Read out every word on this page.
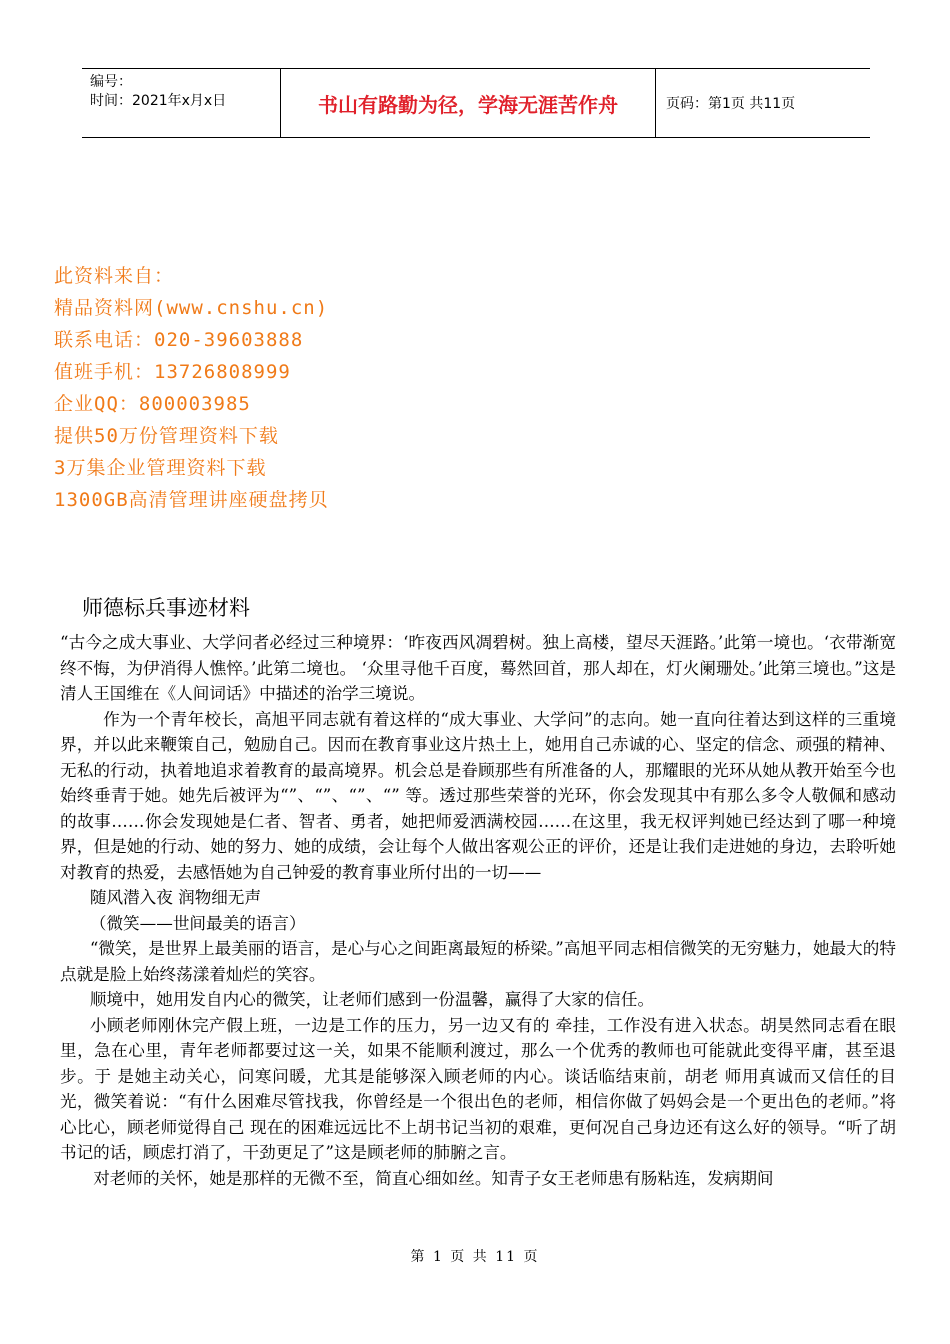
编号：
时间：2021年x月x日	书山有路勤为径，学海无涯苦作舟	页码：第1页 共11页
此资料来自：
精品资料网(www.cnshu.cn)
联系电话：020-39603888
值班手机：13726808999
企业QQ：800003985
提供50万份管理资料下载
3万集企业管理资料下载
1300GB高清管理讲座硬盘拷贝
师德标兵事迹材料

“古今之成大事业、大学问者必经过三种境界：‘昨夜西风凋碧树。独上高楼，望尽天涯路。’此第一境也。‘衣带渐宽终不悔，为伊消得人憔悴。’此第二境也。 ‘众里寻他千百度，蓦然回首，那人却在，灯火阑珊处。’此第三境也。”这是清人王国维在《人间词话》中描述的治学三境说。

作为一个青年校长，高旭平同志就有着这样的“成大事业、大学问”的志向。她一直向往着达到这样的三重境界，并以此来鞭策自己，勉励自己。因而在教育事业这片热土上，她用自己赤诚的心、坚定的信念、顽强的精神、无私的行动，执着地追求着教育的最高境界。机会总是眷顾那些有所准备的人，那耀眼的光环从她从教开始至今也始终垂青于她。她先后被评为“”、“”、“”、“” 等。透过那些荣誉的光环，你会发现其中有那么多令人敬佩和感动的故事……你会发现她是仁者、智者、勇者，她把师爱洒满校园……在这里，我无权评判她已经达到了哪一种境界，但是她的行动、她的努力、她的成绩，会让每个人做出客观公正的评价，还是让我们走进她的身边，去聆听她对教育的热爱，去感悟她为自己钟爱的教育事业所付出的一切——

随风潜入夜 润物细无声

（微笑——世间最美的语言）

“微笑，是世界上最美丽的语言，是心与心之间距离最短的桥梁。”高旭平同志相信微笑的无穷魅力，她最大的特点就是脸上始终荡漾着灿烂的笑容。

顺境中，她用发自内心的微笑，让老师们感到一份温馨，赢得了大家的信任。

小顾老师刚休完产假上班，一边是工作的压力，另一边又有的 牵挂，工作没有进入状态。胡昊然同志看在眼里，急在心里，青年老师都要过这一关，如果不能顺利渡过，那么一个优秀的教师也可能就此变得平庸，甚至退步。于 是她主动关心，问寒问暖，尤其是能够深入顾老师的内心。谈话临结束前，胡老 师用真诚而又信任的目光，微笑着说：“有什么困难尽管找我，你曾经是一个很出色的老师，相信你做了妈妈会是一个更出色的老师。”将心比心，顾老师觉得自己 现在的困难远远比不上胡书记当初的艰难，更何况自己身边还有这么好的领导。“听了胡书记的话，顾虑打消了，干劲更足了”这是顾老师的肺腑之言。

对老师的关怀，她是那样的无微不至，简直心细如丝。知青子女王老师患有肠粘连，发病期间

第 1 页 共 11 页
